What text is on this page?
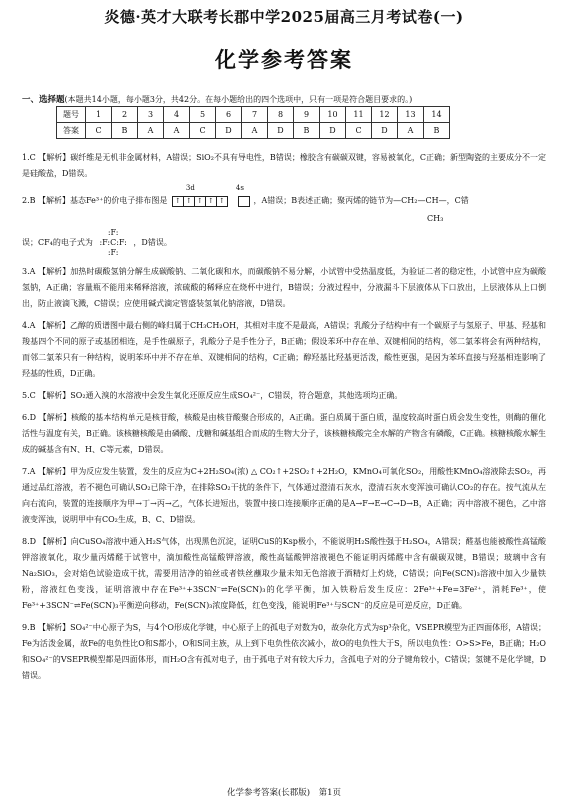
炎德·英才大联考长郡中学2025届高三月考试卷(一)
化学参考答案
一、选择题(本题共14小题，每小题3分，共42分。在每小题给出的四个选项中，只有一项是符合题目要求的。)
题号	1	2	3	4	5	6	7	8	9	10	11	12	13	14
答案	C	B	A	A	C	D	A	D	B	D	C	D	A	B

1.C 【解析】碳纤维是无机非金属材料，A错误；SiO₂不具有导电性，B错误；橡胶含有碳碳双键，容易被氧化，C正确；新型陶瓷的主要成分不一定是硅酸盐，D错误。

2.B 【解析】基态Fe³⁺的价电子排布图是
3d	4s
↑ ↑ ↑ ↑ ↑	，A错误；B表述正确；聚丙烯的链节为—CH₂—CH—，C错
CH₃
误；CF₄的电子式为 :F:
:F:C:F:
:F: ，D错误。

3.A 【解析】加热时碳酸氢钠分解生成碳酸钠、二氧化碳和水，而碳酸钠不易分解，小试管中受热温度低，为验证二者的稳定性，小试管中应为碳酸氢钠，A正确；容量瓶不能用来稀释溶液，浓硫酸的稀释应在烧杯中进行，B错误；分液过程中，分液漏斗下层液体从下口放出，上层液体从上口倒出，防止液滴飞溅，C错误；应使用碱式滴定管盛装氢氧化钠溶液，D错误。

4.A 【解析】乙醇的质谱图中最右侧的峰归属于CH₃CH₂OH，其相对丰度不是最高，A错误；乳酸分子结构中有一个碳原子与氢原子、甲基、羟基和羧基四个不同的原子或基团相连，是手性碳原子，乳酸分子是手性分子，B正确；假设苯环中存在单、双键相间的结构，邻二氯苯将会有两种结构，而邻二氯苯只有一种结构，说明苯环中并不存在单、双键相间的结构，C正确；醇羟基比羟基更活泼，酸性更强，是因为苯环直接与羟基相连影响了羟基的性质，D正确。

5.C 【解析】SO₂通入溴的水溶液中会发生氧化还原反应生成SO₄²⁻，C错误，符合题意，其他选项均正确。

6.D 【解析】核酸的基本结构单元是核苷酸，核酸是由核苷酸聚合形成的，A正确。蛋白质属于蛋白质，温度较高时蛋白质会发生变性，则酶的催化活性与温度有关，B正确。该核糖核酸是由磷酸、戊糖和碱基组合而成的生物大分子，该核糖核酸完全水解的产物含有磷酸，C正确。核糖核酸水解生成的碱基含有N、H、C等元素，D错误。

7.A 【解析】甲为反应发生装置，发生的反应为C+2H₂SO₄(浓) △ CO₂↑+2SO₂↑+2H₂O，KMnO₄可氧化SO₂，用酸性KMnO₄溶液除去SO₂，再通过品红溶液，若不褪色可确认SO₂已除干净，在排除SO₂干扰的条件下，气体通过澄清石灰水，澄清石灰水变浑浊可确认CO₂的存在。按气流从左向右流向，装置的连接顺序为甲→丁→丙→乙，气体长进短出，装置中接口连接顺序正确的是A→F→E→C→D→B，A正确；丙中溶液不褪色，乙中溶液变浑浊，说明甲中有CO₂生成，B、C、D错误。

8.D 【解析】向CuSO₄溶液中通入H₂S气体，出现黑色沉淀，证明CuS的Ksp极小，不能说明H₂S酸性强于H₂SO₄，A错误；醛基也能被酸性高锰酸钾溶液氧化，取少量丙烯醛于试管中，滴加酸性高锰酸钾溶液，酸性高锰酸钾溶液褪色不能证明丙烯醛中含有碳碳双键，B错误；玻璃中含有Na₂SiO₃，会对焰色试验造成干扰，需要用洁净的铂丝或者铁丝蘸取少量未知无色溶液于酒精灯上灼烧，C错误；向Fe(SCN)₃溶液中加入少量铁粉，溶液红色变浅，证明溶液中存在Fe³⁺+3SCN⁻⇌Fe(SCN)₃的化学平衡，加入铁粉后发生反应：2Fe³⁺+Fe=3Fe²⁺，消耗Fe³⁺，使Fe³⁺+3SCN⁻⇌Fe(SCN)₃平衡逆向移动，Fe(SCN)₃浓度降低，红色变浅，能说明Fe³⁺与SCN⁻的反应是可逆反应，D正确。

9.B 【解析】SO₄²⁻中心原子为S，与4个O形成化学键，中心原子上的孤电子对数为0，故杂化方式为sp³杂化，VSEPR模型为正四面体形，A错误；Fe为活泼金属，故Fe的电负性比O和S都小，O和S同主族，从上到下电负性依次减小，故O的电负性大于S，所以电负性：O>S>Fe，B正确；H₂O和SO₄²⁻的VSEPR模型都是四面体形，而H₂O含有孤对电子，由于孤电子对有较大斥力，含孤电子对的分子键角较小，C错误；氢键不是化学键，D错误。

化学参考答案(长郡版)　第1页
